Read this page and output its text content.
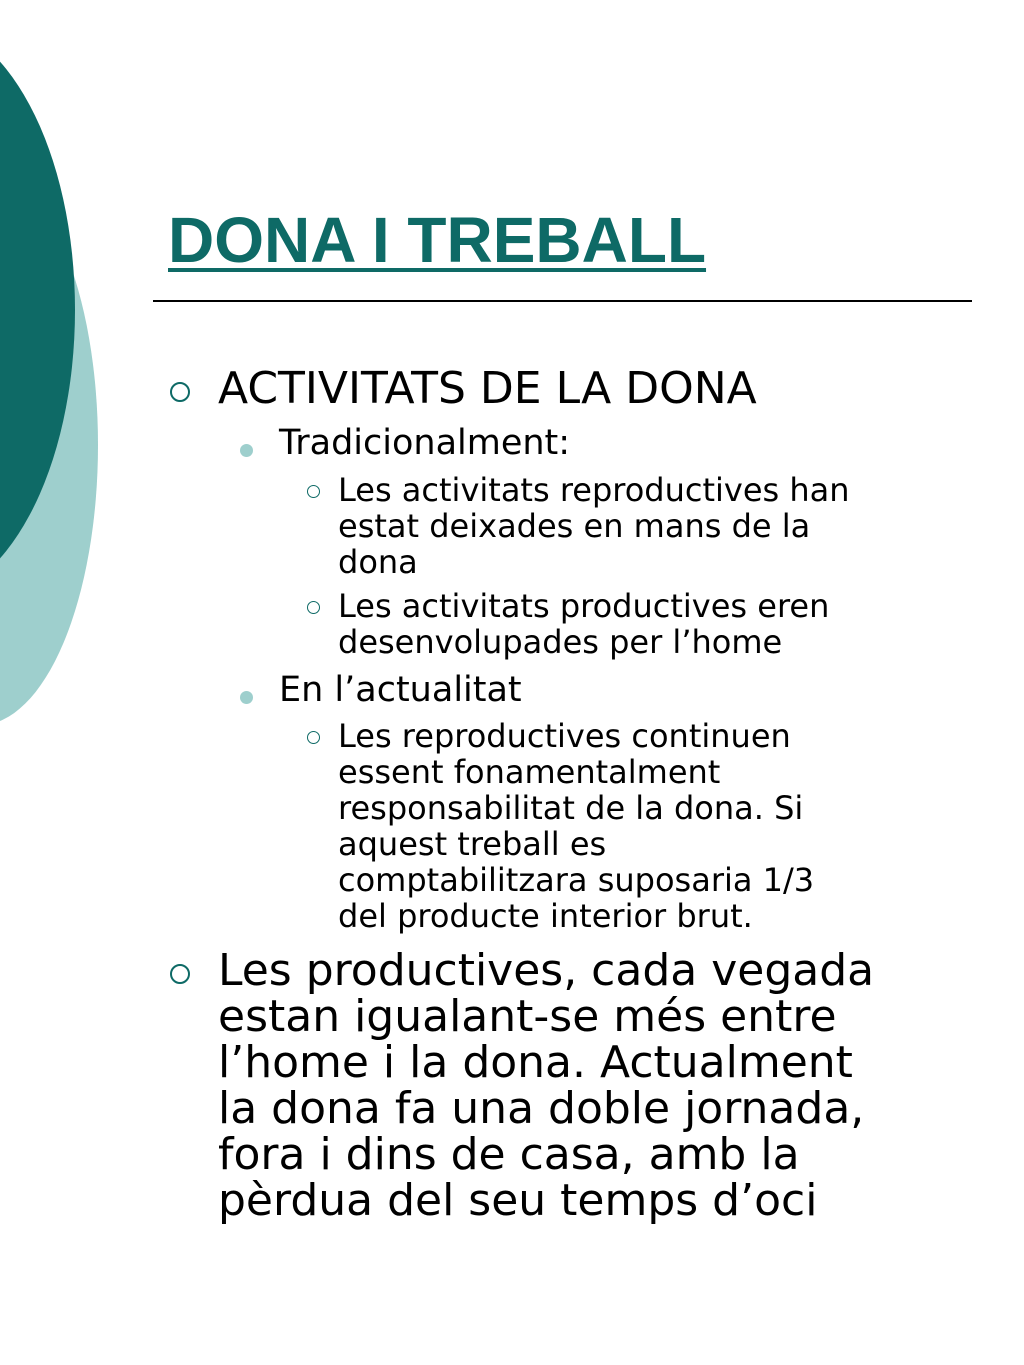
DONA I TREBALL
ACTIVITATS DE LA DONA
Tradicionalment:
Les activitats reproductives han
estat deixades en mans de la
dona
Les activitats productives eren
desenvolupades per l’home
En l’actualitat
Les reproductives continuen
essent fonamentalment
responsabilitat de la dona. Si
aquest treball es
comptabilitzara suposaria 1/3
del producte interior brut.
Les productives, cada vegada
estan igualant-se més entre
l’home i la dona. Actualment
la dona fa una doble jornada,
fora i dins de casa, amb la
pèrdua del seu temps d’oci
